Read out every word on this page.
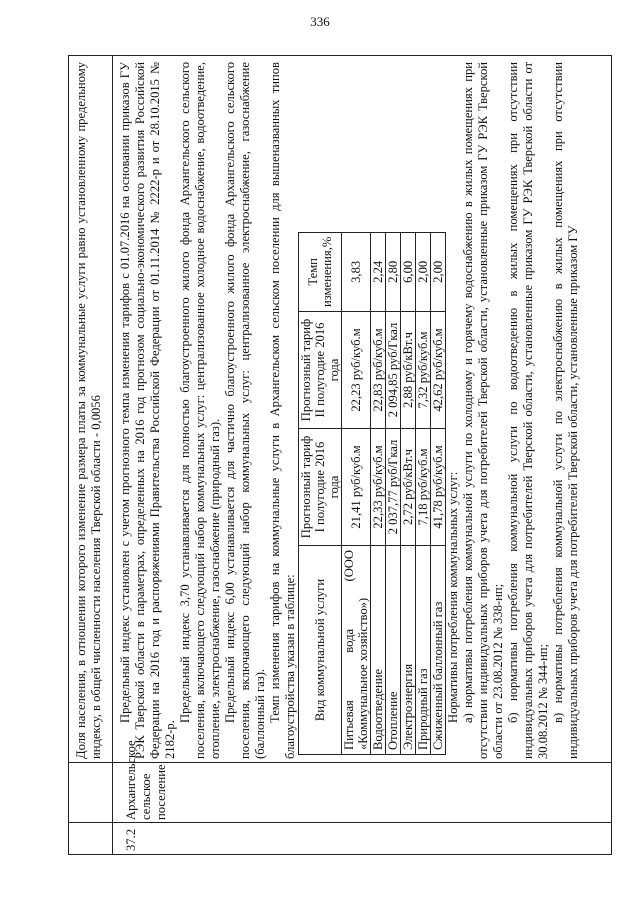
336

Доля населения, в отношении которого изменение размера платы за коммунальные услуги равно установленному предельному индексу, в общей численности населения Тверской области - 0,0056

37.2
Архангельское сельское поселение

Предельный индекс установлен с учетом прогнозного темпа изменения тарифов с 01.07.2016 на основании приказов ГУ РЭК Тверской области в параметрах, определенных на 2016 год прогнозом социально-экономического развития Российской Федерации на 2016 год и распоряжениями Правительства Российской Федерации от 01.11.2014 № 2222-р и от 28.10.2015 № 2182-р.

Предельный индекс 3,70 устанавливается для полностью благоустроенного жилого фонда Архангельского сельского поселения, включающего следующий набор коммунальных услуг: централизованное холодное водоснабжение, водоотведение, отопление, электроснабжение, газоснабжение (природный газ). Предельный индекс 6,00 устанавливается для частично благоустроенного жилого фонда Архангельского сельского поселения, включающего следующий набор коммунальных услуг: централизованное электроснабжение, газоснабжение (баллонный газ). Темп изменения тарифов на коммунальные услуги в Архангельском сельском поселении для вышеназванных типов благоустройства указан в таблице: Вид коммунальной услуги	Прогнозный тариф I полугодие 2016 года	Прогнозный тариф II полугодие 2016 года	Темп изменения,%
Питьевая вода (ООО «Коммунальное хозяйство»)	21,41 руб/куб.м	22,23 руб/куб.м	3,83
Водоотведение	22,33 руб/куб.м	22,83 руб/куб.м	2,24
Отопление	2 037,77 руб/Гкал	2 094,85 руб/Гкал	2,80
Электроэнергия	2,72 руб/кВт.ч	2,88 руб/кВт.ч	6,00
Природный газ	7,18 руб/куб.м	7,32 руб/куб.м	2,00
Сжиженный баллонный газ	41,78 руб/куб.м	42,62 руб/куб.м	2,00

Нормативы потребления коммунальных услуг: а) нормативы потребления коммунальной услуги по холодному и горячему водоснабжению в жилых помещениях при отсутствии индивидуальных приборов учета для потребителей Тверской области, установленные приказом ГУ РЭК Тверской области от 23.08.2012 № 338-нп; б) нормативы потребления коммунальной услуги по водоотведению в жилых помещениях при отсутствии индивидуальных приборов учета для потребителей Тверской области, установленные приказом ГУ РЭК Тверской области от 30.08.2012 № 344-нп; в) нормативы потребления коммунальной услуги по электроснабжению в жилых помещениях при отсутствии индивидуальных приборов учета для потребителей Тверской области, установленные приказом ГУ
